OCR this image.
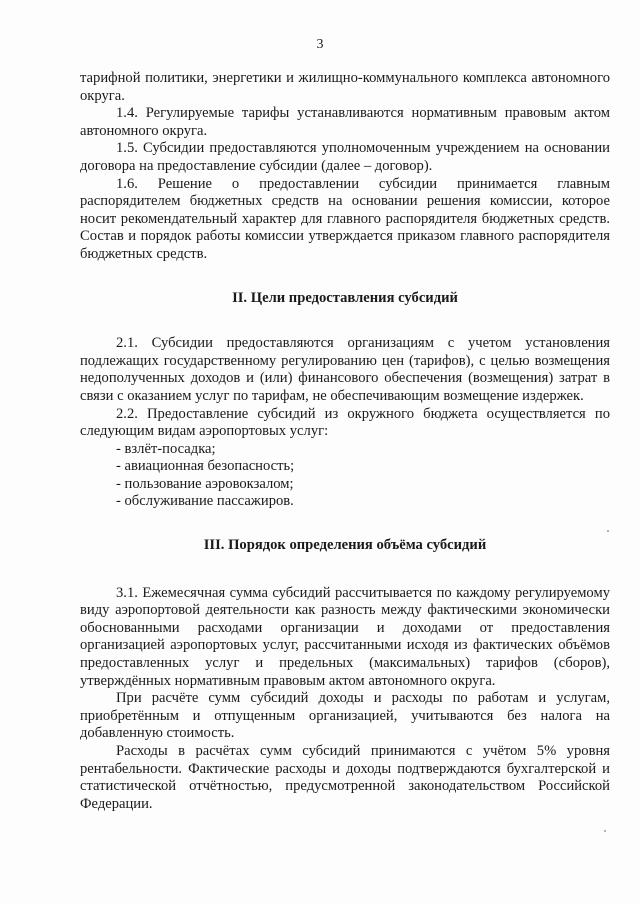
3

тарифной политики, энергетики и жилищно-коммунального комплекса автономного округа.

1.4. Регулируемые тарифы устанавливаются нормативным правовым актом автономного округа.

1.5. Субсидии предоставляются уполномоченным учреждением на основании договора на предоставление субсидии (далее – договор).

1.6. Решение о предоставлении субсидии принимается главным распорядителем бюджетных средств на основании решения комиссии, которое носит рекомендательный характер для главного распорядителя бюджетных средств. Состав и порядок работы комиссии утверждается приказом главного распорядителя бюджетных средств.

II. Цели предоставления субсидий

2.1. Субсидии предоставляются организациям с учетом установления подлежащих государственному регулированию цен (тарифов), с целью возмещения недополученных доходов и (или) финансового обеспечения (возмещения) затрат в связи с оказанием услуг по тарифам, не обеспечивающим возмещение издержек.

2.2. Предоставление субсидий из окружного бюджета осуществляется по следующим видам аэропортовых услуг:

- взлёт-посадка;

- авиационная безопасность;

- пользование аэровокзалом;

- обслуживание пассажиров.

III. Порядок определения объёма субсидий

3.1. Ежемесячная сумма субсидий рассчитывается по каждому регулируемому виду аэропортовой деятельности как разность между фактическими экономически обоснованными расходами организации и доходами от предоставления организацией аэропортовых услуг, рассчитанными исходя из фактических объёмов предоставленных услуг и предельных (максимальных) тарифов (сборов), утверждённых нормативным правовым актом автономного округа.

При расчёте сумм субсидий доходы и расходы по работам и услугам, приобретённым и отпущенным организацией, учитываются без налога на добавленную стоимость.

Расходы в расчётах сумм субсидий принимаются с учётом 5% уровня рентабельности. Фактические расходы и доходы подтверждаются бухгалтерской и статистической отчётностью, предусмотренной законодательством Российской Федерации.
